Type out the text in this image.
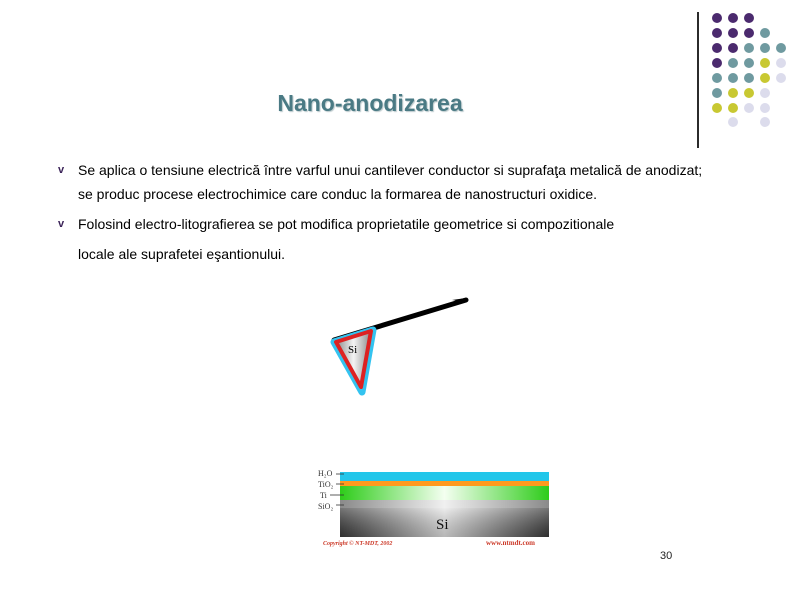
Nano-anodizarea
v Se aplica o tensiune electrică între varful unui cantilever conductor si suprafaţa metalică de anodizat; se produc procese electrochimice care conduc la formarea de nanostructuri oxidice.
v Folosind electro-litografierea se pot modifica proprietatile geometrice si compozitionale
locale ale suprafetei eşantionului.
Si
Si
H₂O
TiO₂
Ti
SiO₂
Copyright © NT-MDT, 2002	www.ntmdt.com
30
